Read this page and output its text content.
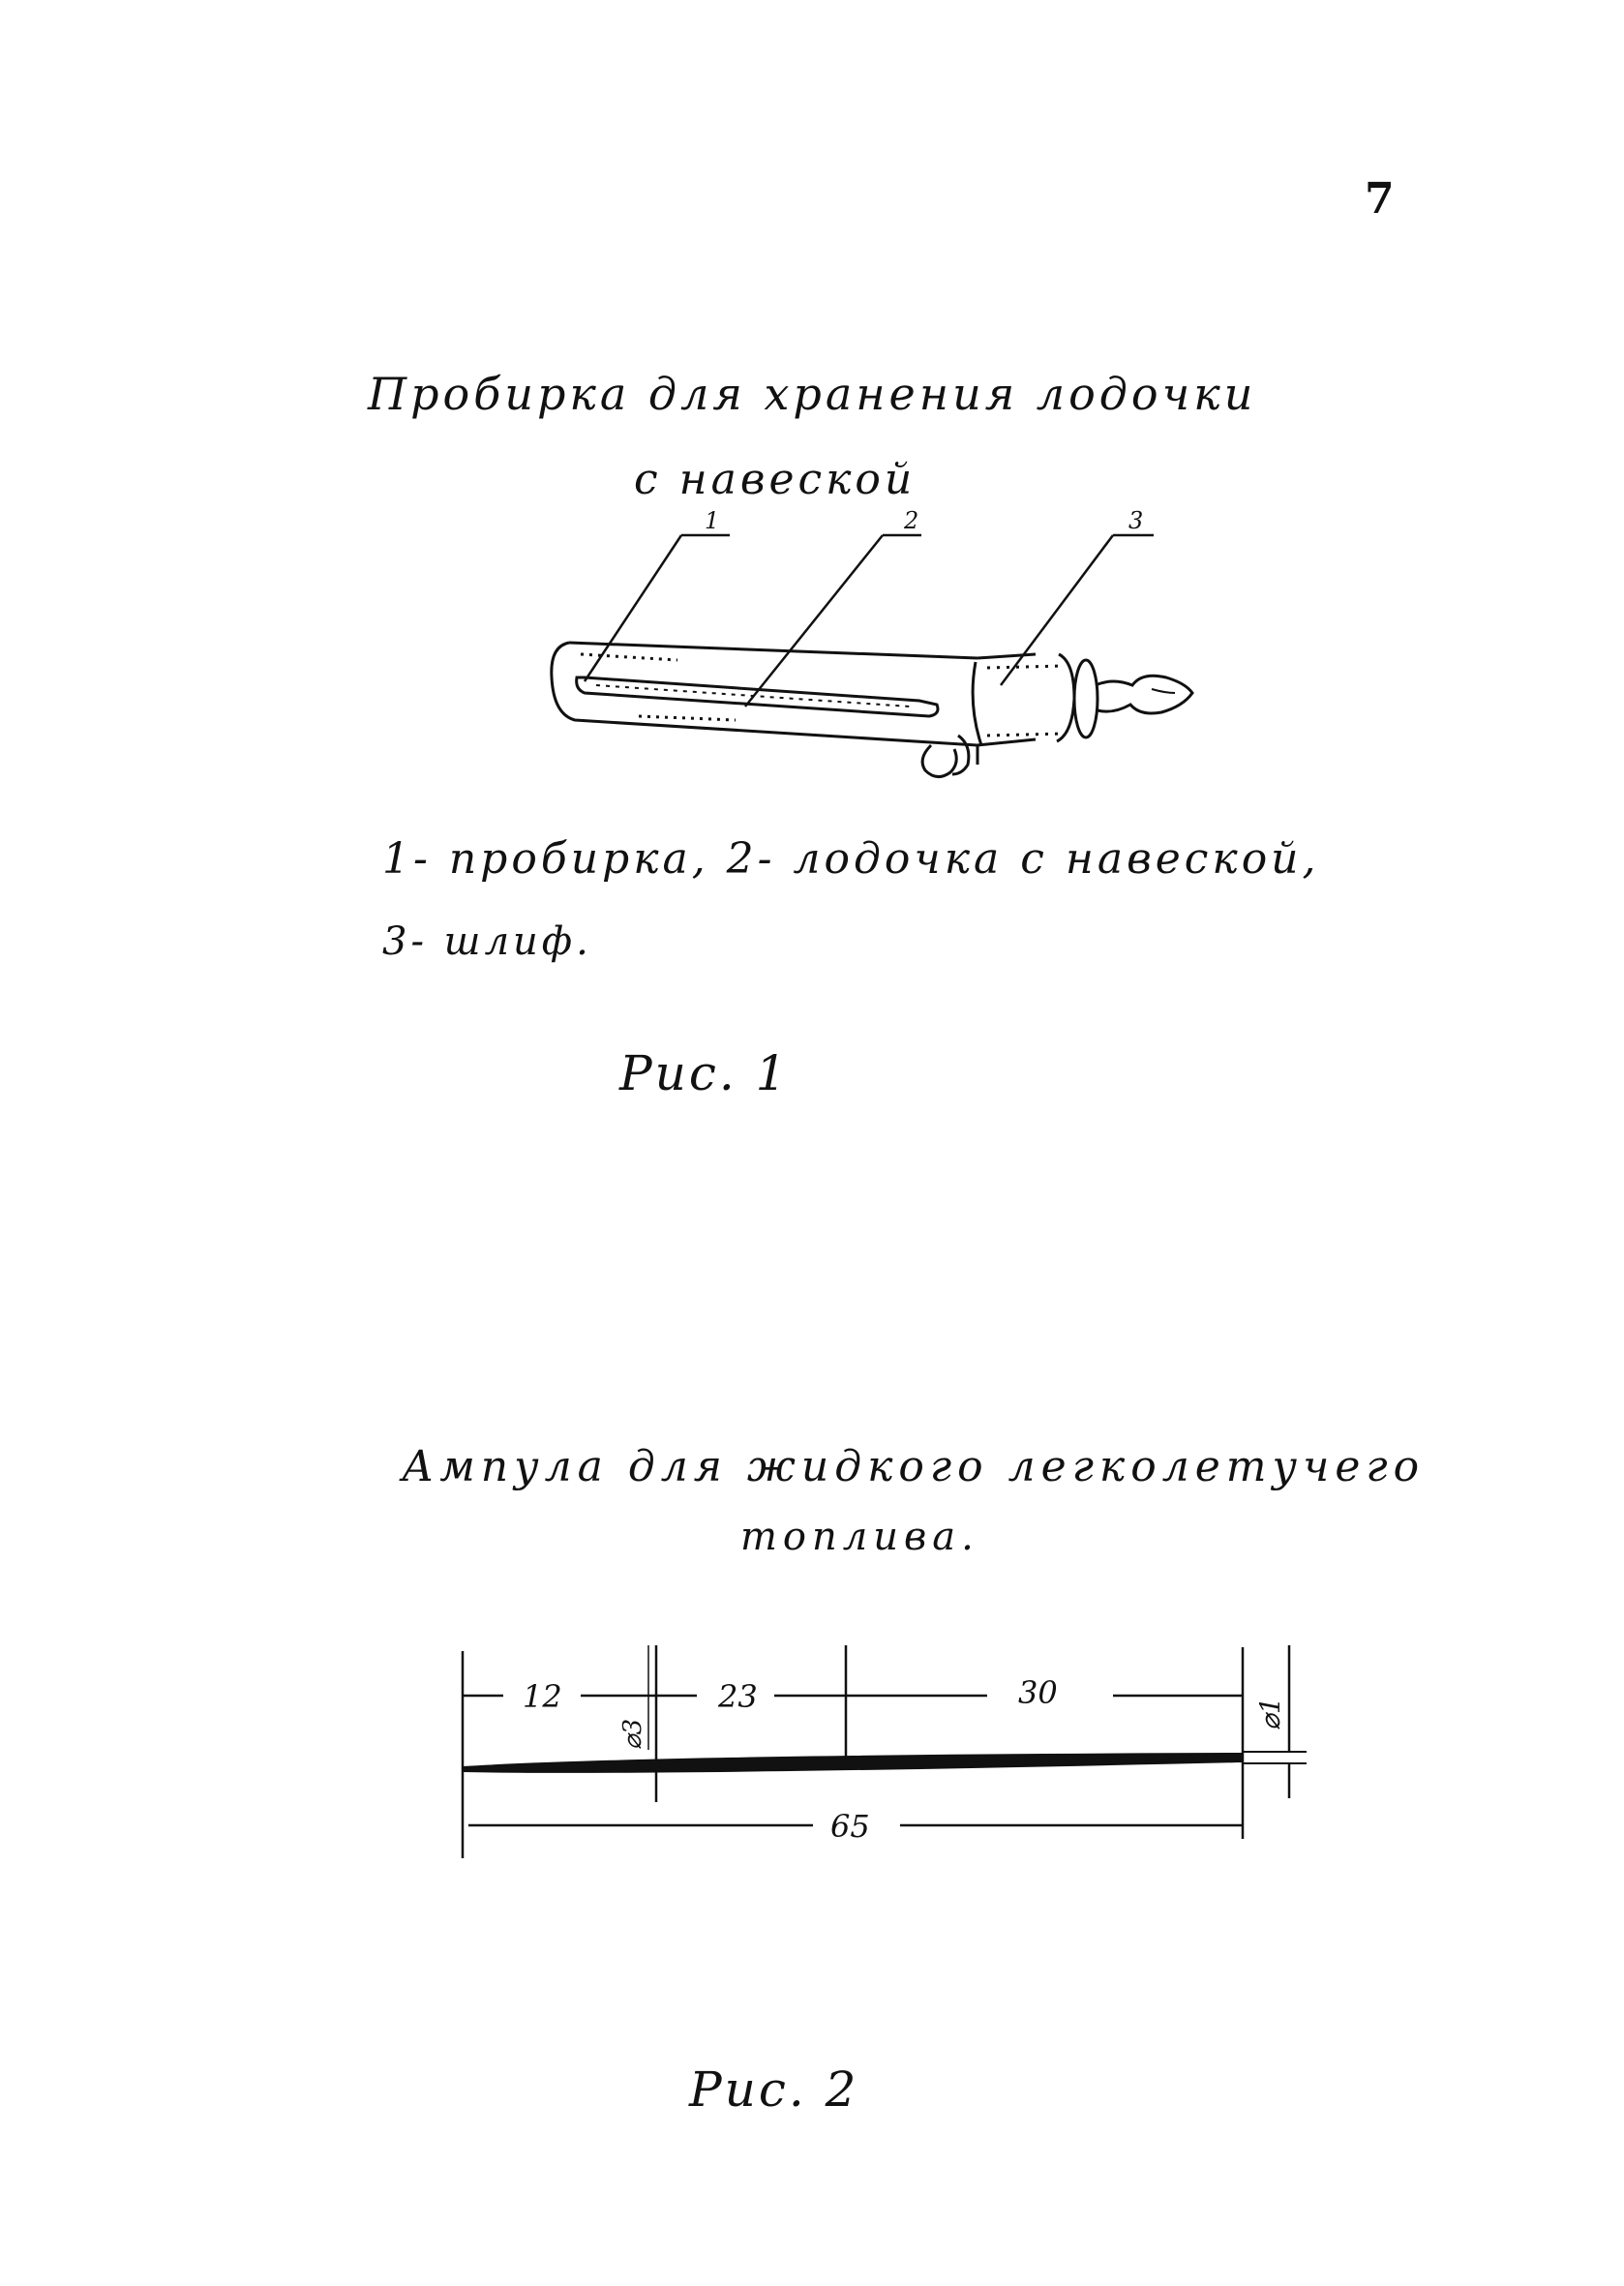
7
Пробирка для хранения лодочки
с навеской
1	2	3
12	23	30
65
⌀3
⌀1
1- пробирка, 2- лодочка с навеской,
3- шлиф.
Рис. 1
Ампула для жидкого легколетучего
топлива.
Рис. 2
